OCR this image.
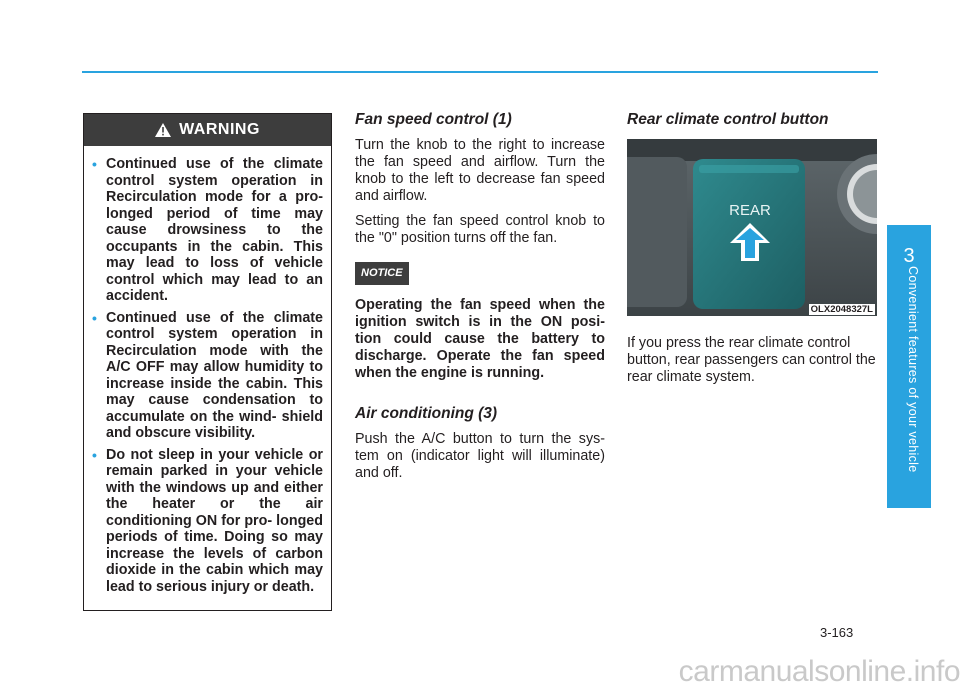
WARNING
• Continued use of the climate control system operation in Recirculation mode for a pro- longed period of time may cause drowsiness to the occupants in the cabin. This may lead to loss of vehicle control which may lead to an accident.
• Continued use of the climate control system operation in Recirculation mode with the A/C OFF may allow humidity to increase inside the cabin. This may cause condensation to accumulate on the wind- shield and obscure visibility.
• Do not sleep in your vehicle or remain parked in your vehicle with the windows up and either the heater or the air conditioning ON for pro- longed periods of time. Doing so may increase the levels of carbon dioxide in the cabin which may lead to serious injury or death.
Fan speed control (1)

Turn the knob to the right to increase the fan speed and airflow. Turn the knob to the left to decrease fan speed and airflow.

Setting the fan speed control knob to the "0" position turns off the fan.

NOTICE

Operating the fan speed when the ignition switch is in the ON posi- tion could cause the battery to discharge. Operate the fan speed when the engine is running.

Air conditioning (3)

Push the A/C button to turn the sys- tem on (indicator light will illuminate) and off.

Rear climate control button

If you press the rear climate control button, rear passengers can control the rear climate system.

REAR
OLX2048327L
3
Convenient features of your vehicle
3-163
carmanualsonline.info
